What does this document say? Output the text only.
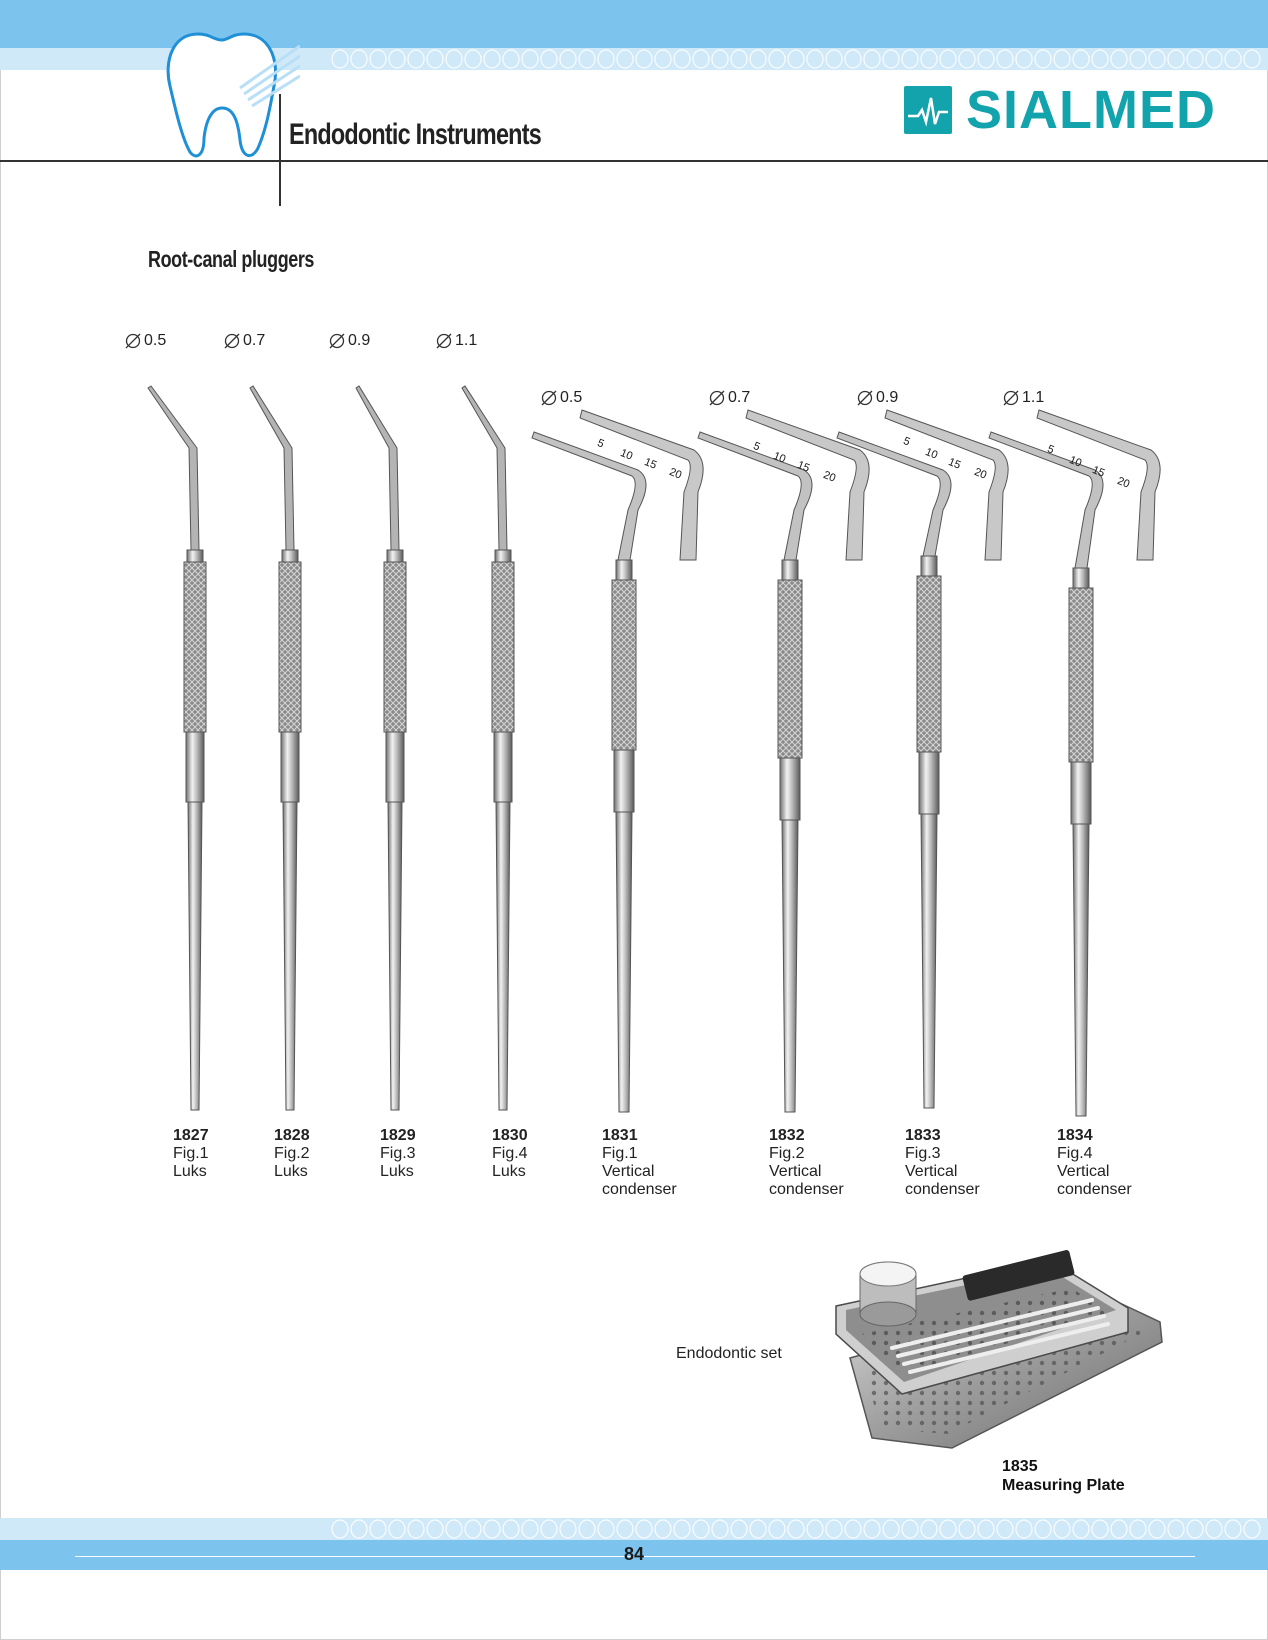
Endodontic Instruments	SIALMED
Root-canal pluggers
0.5	0.7	0.9	1.1
0.5	0.7	0.9	1.1
5
10
15
20
5
10
15
20
5
10
15
20
5
10
15
20
1827
Fig.1
Luks
1828
Fig.2
Luks
1829
Fig.3
Luks
1830
Fig.4
Luks
1831
Fig.1
Vertical
condenser
1832
Fig.2
Vertical
condenser
1833
Fig.3
Vertical
condenser
1834
Fig.4
Vertical
condenser
Endodontic set
1835
Measuring Plate
84
